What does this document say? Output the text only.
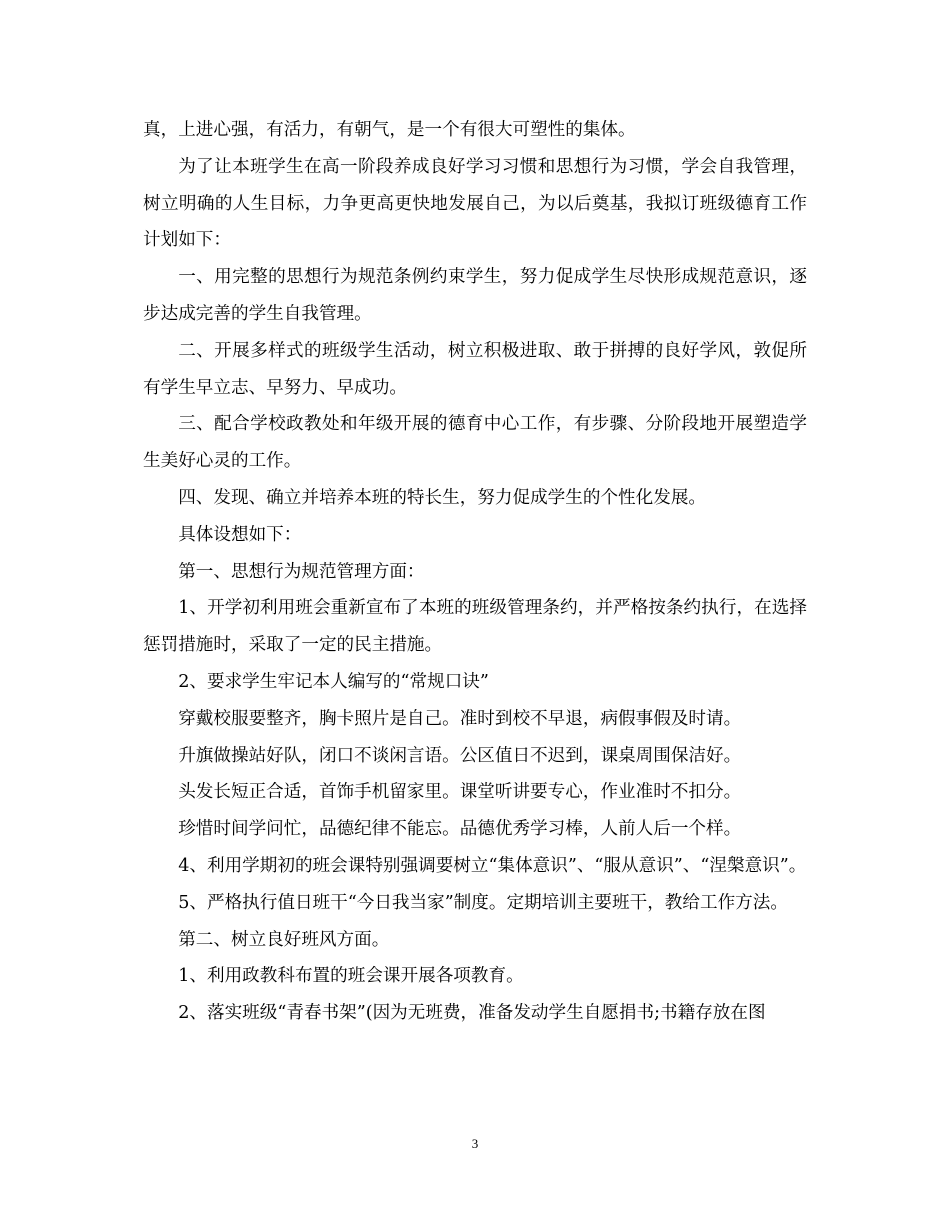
真，上进心强，有活力，有朝气，是一个有很大可塑性的集体。

为了让本班学生在高一阶段养成良好学习习惯和思想行为习惯，学会自我管理，树立明确的人生目标，力争更高更快地发展自己，为以后奠基，我拟订班级德育工作计划如下：

一、用完整的思想行为规范条例约束学生，努力促成学生尽快形成规范意识，逐步达成完善的学生自我管理。

二、开展多样式的班级学生活动，树立积极进取、敢于拼搏的良好学风，敦促所有学生早立志、早努力、早成功。

三、配合学校政教处和年级开展的德育中心工作，有步骤、分阶段地开展塑造学生美好心灵的工作。

四、发现、确立并培养本班的特长生，努力促成学生的个性化发展。

具体设想如下：

第一、思想行为规范管理方面：

1、开学初利用班会重新宣布了本班的班级管理条约，并严格按条约执行，在选择惩罚措施时，采取了一定的民主措施。

2、要求学生牢记本人编写的“常规口诀”

穿戴校服要整齐，胸卡照片是自己。准时到校不早退，病假事假及时请。

升旗做操站好队，闭口不谈闲言语。公区值日不迟到，课桌周围保洁好。

头发长短正合适，首饰手机留家里。课堂听讲要专心，作业准时不扣分。

珍惜时间学问忙，品德纪律不能忘。品德优秀学习棒，人前人后一个样。

4、利用学期初的班会课特别强调要树立“集体意识”、“服从意识”、“涅槃意识”。

5、严格执行值日班干“今日我当家”制度。定期培训主要班干，教给工作方法。

第二、树立良好班风方面。

1、利用政教科布置的班会课开展各项教育。

2、落实班级“青春书架”(因为无班费，准备发动学生自愿捐书;书籍存放在图

3
